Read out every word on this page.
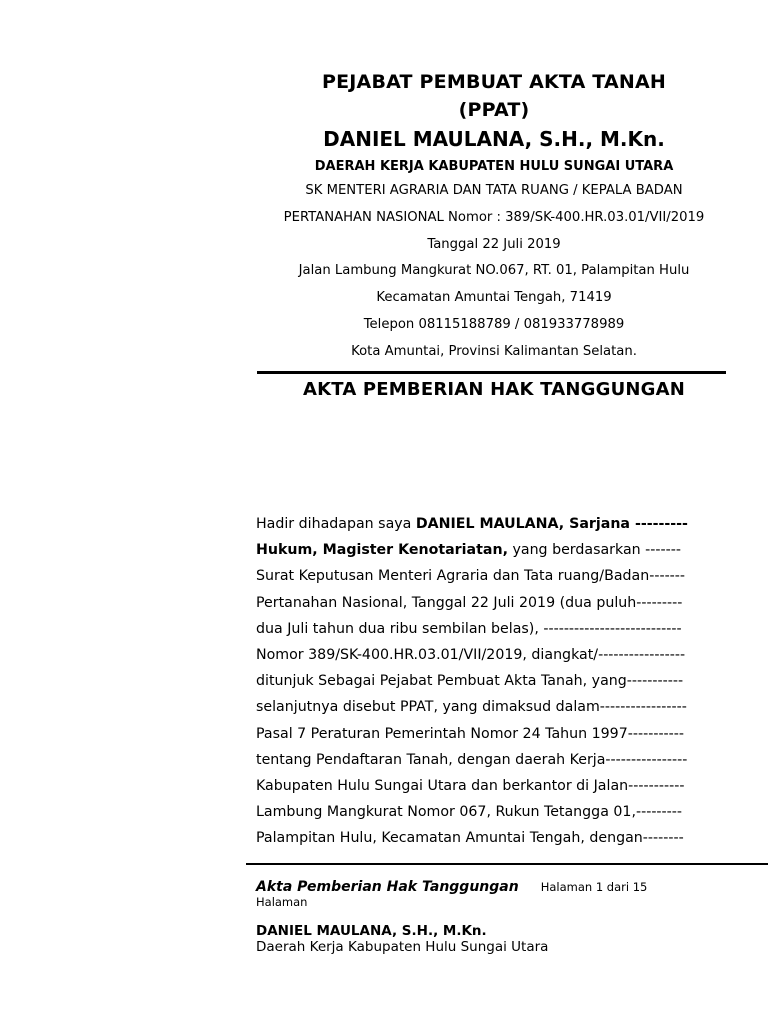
PEJABAT PEMBUAT AKTA TANAH
(PPAT)
DANIEL MAULANA, S.H., M.Kn.
DAERAH KERJA KABUPATEN HULU SUNGAI UTARA
SK MENTERI AGRARIA DAN TATA RUANG / KEPALA BADAN
PERTANAHAN NASIONAL Nomor : 389/SK-400.HR.03.01/VII/2019
Tanggal 22 Juli 2019
Jalan Lambung Mangkurat NO.067, RT. 01, Palampitan Hulu
Kecamatan Amuntai Tengah, 71419
Telepon 08115188789 / 081933778989
Kota Amuntai, Provinsi Kalimantan Selatan.
AKTA PEMBERIAN HAK TANGGUNGAN
Hadir dihadapan saya DANIEL MAULANA, Sarjana ---------
Hukum, Magister Kenotariatan, yang berdasarkan -------
Surat Keputusan Menteri Agraria dan Tata ruang/Badan-------
Pertanahan Nasional, Tanggal 22 Juli 2019 (dua puluh---------
dua Juli tahun dua ribu sembilan belas), ---------------------------
Nomor 389/SK-400.HR.03.01/VII/2019, diangkat/-----------------
ditunjuk Sebagai Pejabat Pembuat Akta Tanah, yang-----------
selanjutnya disebut PPAT, yang dimaksud dalam-----------------
Pasal 7 Peraturan Pemerintah Nomor 24 Tahun 1997-----------
tentang Pendaftaran Tanah, dengan daerah Kerja----------------
Kabupaten Hulu Sungai Utara dan berkantor di Jalan-----------
Lambung Mangkurat Nomor 067, Rukun Tetangga 01,---------
Palampitan Hulu, Kecamatan Amuntai Tengah, dengan--------
Akta Pemberian Hak Tanggungan Halaman 1 dari 15
Halaman
DANIEL MAULANA, S.H., M.Kn.
Daerah Kerja Kabupaten Hulu Sungai Utara
